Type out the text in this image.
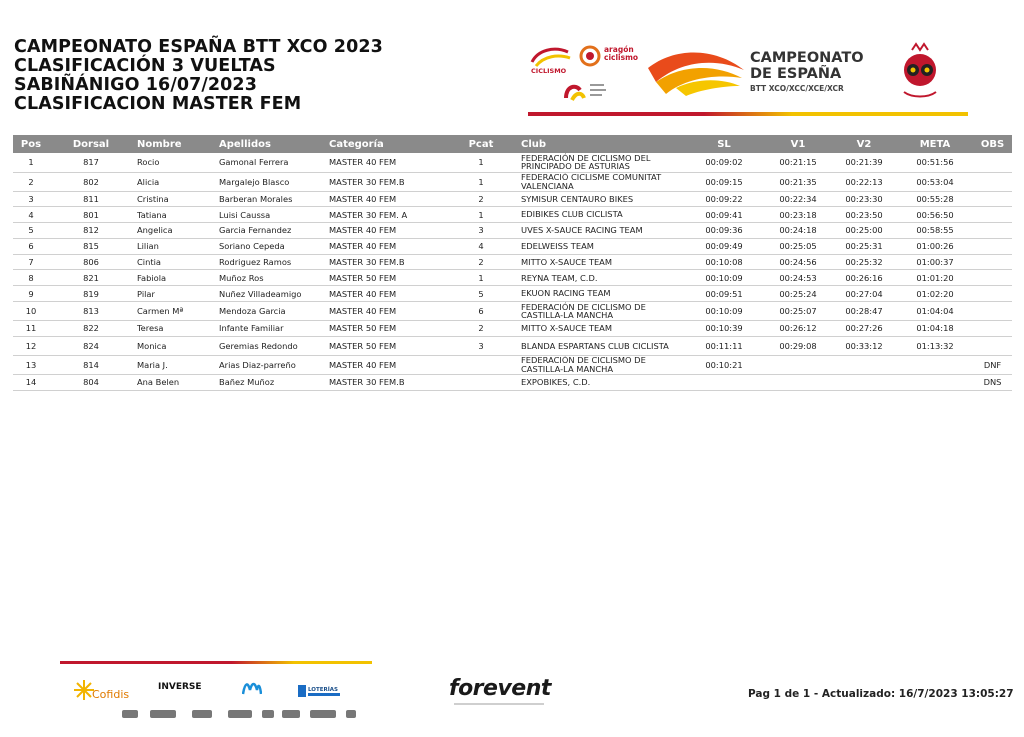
CAMPEONATO ESPAÑA BTT XCO 2023
CLASIFICACIÓN 3 VUELTAS
SABIÑÁNIGO 16/07/2023
CLASIFICACION MASTER FEM
CICLISMO
aragón
ciclismo	CAMPEONATO
DE ESPAÑA
BTT XCO/XCC/XCE/XCR
Pos	Dorsal	Nombre	Apellidos	Categoría	Pcat	Club	SL	V1	V2	META	OBS
1	817	Rocio	Gamonal Ferrera	MASTER 40 FEM	1	FEDERACIÓN DE CICLISMO DEL PRINCIPADO DE ASTURIAS	00:09:02	00:21:15	00:21:39	00:51:56	
2	802	Alicia	Margalejo Blasco	MASTER 30 FEM.B	1	FEDERACIÓ CICLISME COMUNITAT VALENCIANA	00:09:15	00:21:35	00:22:13	00:53:04	
3	811	Cristina	Barberan Morales	MASTER 40 FEM	2	SYMISUR CENTAURO BIKES	00:09:22	00:22:34	00:23:30	00:55:28	
4	801	Tatiana	Luisi Caussa	MASTER 30 FEM. A	1	EDIBIKES CLUB CICLISTA	00:09:41	00:23:18	00:23:50	00:56:50	
5	812	Angelica	Garcia Fernandez	MASTER 40 FEM	3	UVES X-SAUCE RACING TEAM	00:09:36	00:24:18	00:25:00	00:58:55	
6	815	Lilian	Soriano Cepeda	MASTER 40 FEM	4	EDELWEISS TEAM	00:09:49	00:25:05	00:25:31	01:00:26	
7	806	Cintia	Rodriguez Ramos	MASTER 30 FEM.B	2	MITTO X-SAUCE TEAM	00:10:08	00:24:56	00:25:32	01:00:37	
8	821	Fabiola	Muñoz Ros	MASTER 50 FEM	1	REYNA TEAM, C.D.	00:10:09	00:24:53	00:26:16	01:01:20	
9	819	Pilar	Nuñez Villadeamigo	MASTER 40 FEM	5	EKUON RACING TEAM	00:09:51	00:25:24	00:27:04	01:02:20	
10	813	Carmen Mª	Mendoza Garcia	MASTER 40 FEM	6	FEDERACIÓN DE CICLISMO DE CASTILLA-LA MANCHA	00:10:09	00:25:07	00:28:47	01:04:04	
11	822	Teresa	Infante Familiar	MASTER 50 FEM	2	MITTO X-SAUCE TEAM	00:10:39	00:26:12	00:27:26	01:04:18	
12	824	Monica	Geremias Redondo	MASTER 50 FEM	3	BLANDA ESPARTANS CLUB CICLISTA	00:11:11	00:29:08	00:33:12	01:13:32	
13	814	Maria J.	Arias Diaz-parreño	MASTER 40 FEM		FEDERACIÓN DE CICLISMO DE CASTILLA-LA MANCHA	00:10:21				DNF
14	804	Ana Belen	Bañez Muñoz	MASTER 30 FEM.B		EXPOBIKES, C.D.					DNS
Cofidis
INVERSE	LOTERÍAS	forevent	Pag 1 de 1 - Actualizado: 16/7/2023 13:05:27
